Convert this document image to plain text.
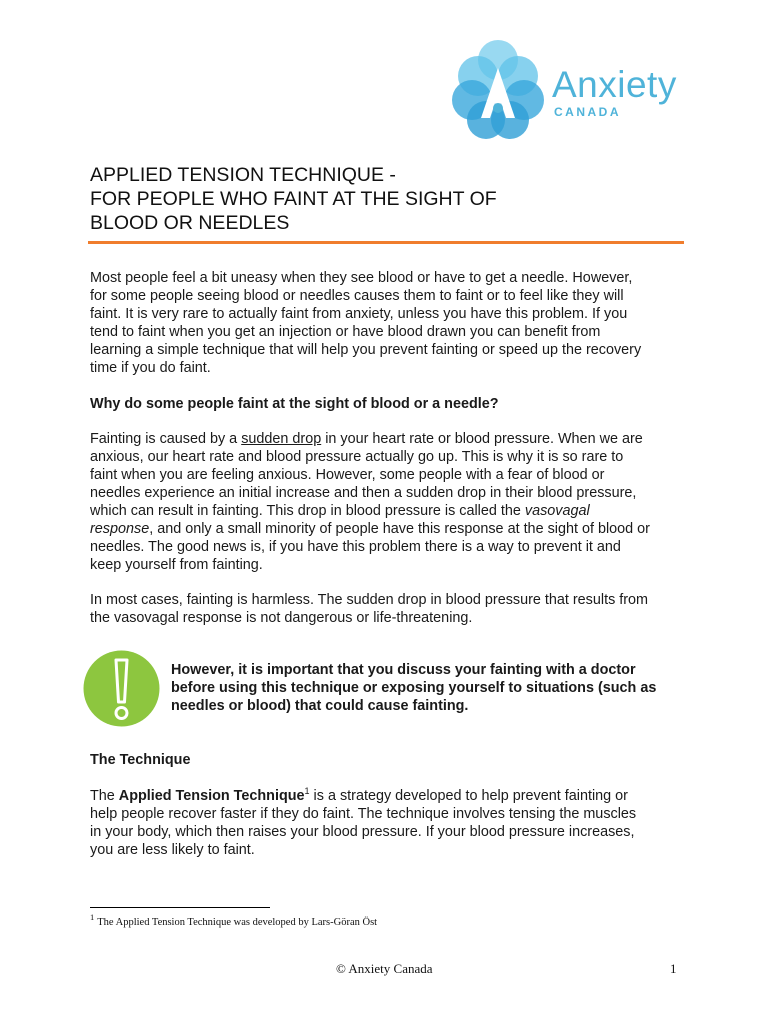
Anxiety
CANADA
APPLIED TENSION TECHNIQUE -
FOR PEOPLE WHO FAINT AT THE SIGHT OF
BLOOD OR NEEDLES
Most people feel a bit uneasy when they see blood or have to get a needle. However,
for some people seeing blood or needles causes them to faint or to feel like they will
faint. It is very rare to actually faint from anxiety, unless you have this problem. If you
tend to faint when you get an injection or have blood drawn you can benefit from
learning a simple technique that will help you prevent fainting or speed up the recovery
time if you do faint.
Why do some people faint at the sight of blood or a needle?
Fainting is caused by a sudden drop in your heart rate or blood pressure. When we are
anxious, our heart rate and blood pressure actually go up. This is why it is so rare to
faint when you are feeling anxious. However, some people with a fear of blood or
needles experience an initial increase and then a sudden drop in their blood pressure,
which can result in fainting. This drop in blood pressure is called the vasovagal
response, and only a small minority of people have this response at the sight of blood or
needles. The good news is, if you have this problem there is a way to prevent it and
keep yourself from fainting.
In most cases, fainting is harmless. The sudden drop in blood pressure that results from
the vasovagal response is not dangerous or life-threatening.
However, it is important that you discuss your fainting with a doctor
before using this technique or exposing yourself to situations (such as
needles or blood) that could cause fainting.
The Technique
The Applied Tension Technique$^1$ is a strategy developed to help prevent fainting or
help people recover faster if they do faint. The technique involves tensing the muscles
in your body, which then raises your blood pressure. If your blood pressure increases,
you are less likely to faint.
$^1$ The Applied Tension Technique was developed by Lars-Göran Öst
© Anxiety Canada	1
